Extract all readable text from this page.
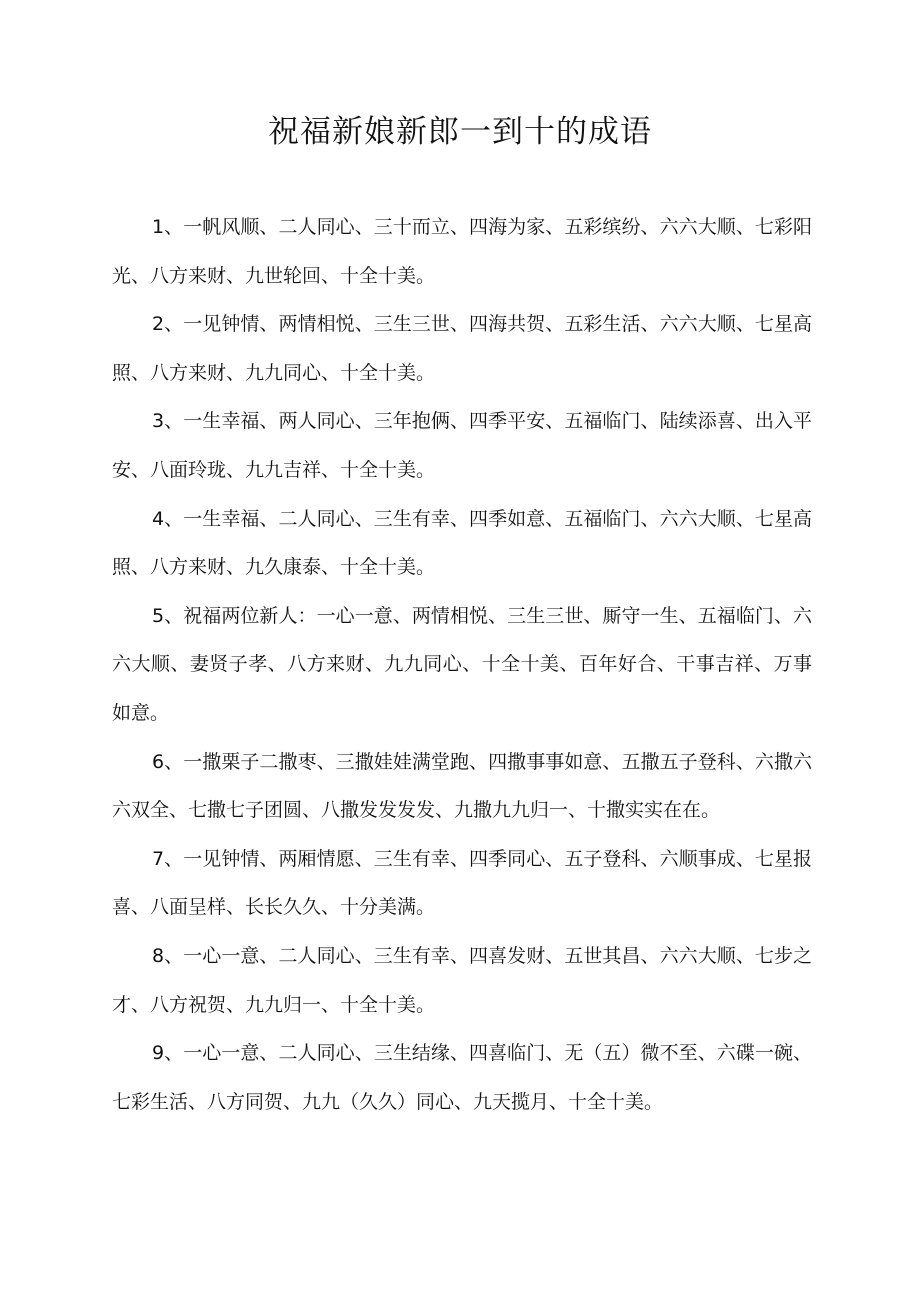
祝福新娘新郎一到十的成语

1、一帆风顺、二人同心、三十而立、四海为家、五彩缤纷、六六大顺、七彩阳光、八方来财、九世轮回、十全十美。

2、一见钟情、两情相悦、三生三世、四海共贺、五彩生活、六六大顺、七星高照、八方来财、九九同心、十全十美。

3、一生幸福、两人同心、三年抱俩、四季平安、五福临门、陆续添喜、出入平安、八面玲珑、九九吉祥、十全十美。

4、一生幸福、二人同心、三生有幸、四季如意、五福临门、六六大顺、七星高照、八方来财、九久康泰、十全十美。

5、祝福两位新人：一心一意、两情相悦、三生三世、厮守一生、五福临门、六六大顺、妻贤子孝、八方来财、九九同心、十全十美、百年好合、干事吉祥、万事如意。

6、一撒栗子二撒枣、三撒娃娃满堂跑、四撒事事如意、五撒五子登科、六撒六六双全、七撒七子团圆、八撒发发发发、九撒九九归一、十撒实实在在。

7、一见钟情、两厢情愿、三生有幸、四季同心、五子登科、六顺事成、七星报喜、八面呈样、长长久久、十分美满。

8、一心一意、二人同心、三生有幸、四喜发财、五世其昌、六六大顺、七步之才、八方祝贺、九九归一、十全十美。

9、一心一意、二人同心、三生结缘、四喜临门、无（五）微不至、六碟一碗、七彩生活、八方同贺、九九（久久）同心、九天揽月、十全十美。
